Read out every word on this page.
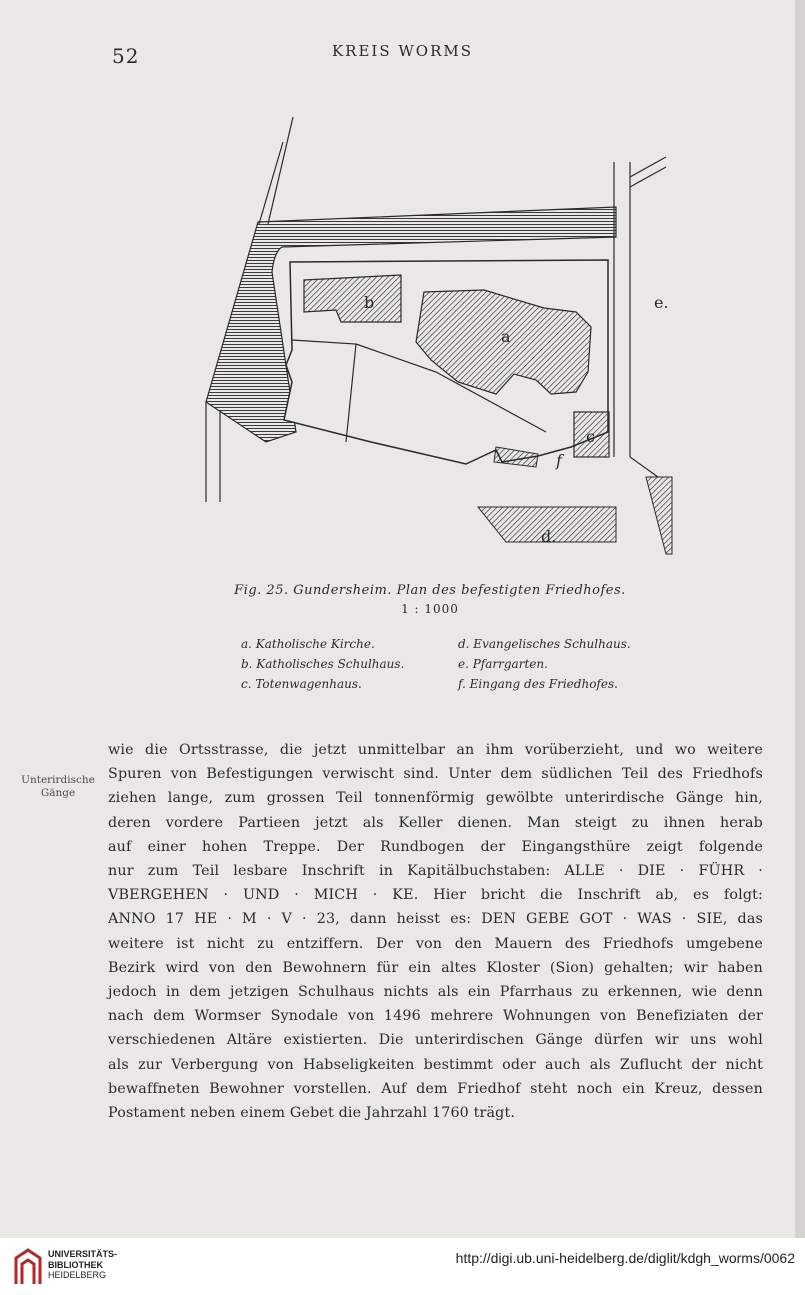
52	KREIS WORMS
b
a
c
d.
e.
f
Fig. 25. Gundersheim. Plan des befestigten Friedhofes.
1 : 1000
a. Katholische Kirche.
b. Katholisches Schulhaus.
c. Totenwagenhaus.
d. Evangelisches Schulhaus.
e. Pfarrgarten.
f. Eingang des Friedhofes.
Unterirdische Gänge
wie die Ortsstrasse, die jetzt unmittelbar an ihm vorüberzieht, und wo weitere
Spuren von Befestigungen verwischt sind. Unter dem südlichen Teil des Friedhofs
ziehen lange, zum grossen Teil tonnenförmig gewölbte unterirdische Gänge hin,
deren vordere Partieen jetzt als Keller dienen. Man steigt zu ihnen herab
auf einer hohen Treppe. Der Rundbogen der Eingangsthüre zeigt folgende
nur zum Teil lesbare Inschrift in Kapitälbuchstaben: ALLE · DIE · FÜHR ·
VBERGEHEN · UND · MICH · KE. Hier bricht die Inschrift ab, es folgt:
ANNO 17 HE · M · V · 23, dann heisst es: DEN GEBE GOT · WAS · SIE, das
weitere ist nicht zu entziffern. Der von den Mauern des Friedhofs umgebene
Bezirk wird von den Bewohnern für ein altes Kloster (Sion) gehalten; wir haben
jedoch in dem jetzigen Schulhaus nichts als ein Pfarrhaus zu erkennen, wie denn
nach dem Wormser Synodale von 1496 mehrere Wohnungen von Benefiziaten der
verschiedenen Altäre existierten. Die unterirdischen Gänge dürfen wir uns wohl
als zur Verbergung von Habseligkeiten bestimmt oder auch als Zuflucht der nicht
bewaffneten Bewohner vorstellen. Auf dem Friedhof steht noch ein Kreuz, dessen
Postament neben einem Gebet die Jahrzahl 1760 trägt.
UNIVERSITÄTS-
BIBLIOTHEK
HEIDELBERG
http://digi.ub.uni-heidelberg.de/diglit/kdgh_worms/0062
